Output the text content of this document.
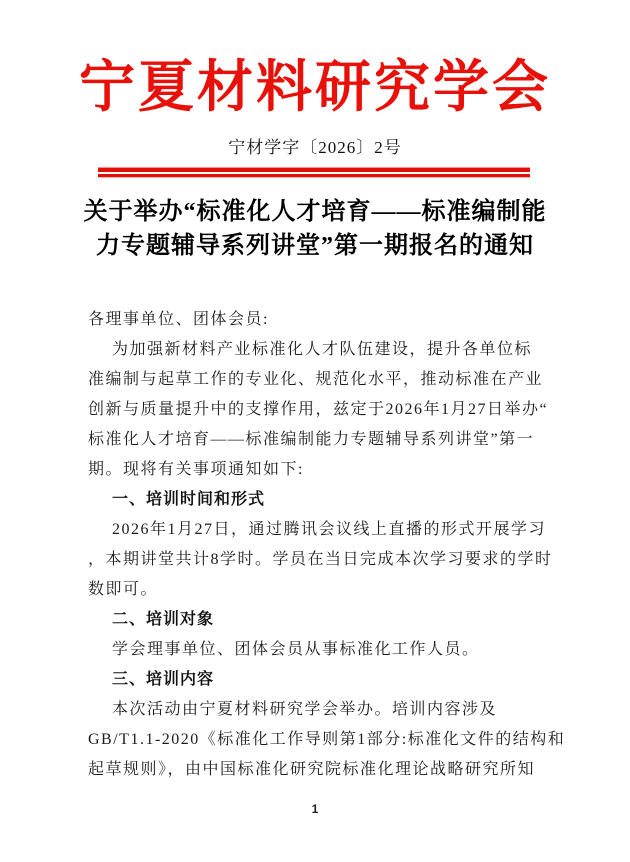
宁夏材料研究学会
宁材学字〔2026〕2号
关于举办“标准化人才培育——标准编制能
力专题辅导系列讲堂”第一期报名的通知
各理事单位、团体会员:
为加强新材料产业标准化人才队伍建设，提升各单位标
准编制与起草工作的专业化、规范化水平，推动标准在产业
创新与质量提升中的支撑作用，兹定于2026年1月27日举办“
标准化人才培育——标准编制能力专题辅导系列讲堂”第一
期。现将有关事项通知如下:
一、培训时间和形式
2026年1月27日，通过腾讯会议线上直播的形式开展学习
，本期讲堂共计8学时。学员在当日完成本次学习要求的学时
数即可。
二、培训对象
学会理事单位、团体会员从事标准化工作人员。
三、培训内容
本次活动由宁夏材料研究学会举办。培训内容涉及
GB/T1.1-2020《标准化工作导则第1部分:标准化文件的结构和
起草规则》，由中国标准化研究院标准化理论战略研究所知
1
